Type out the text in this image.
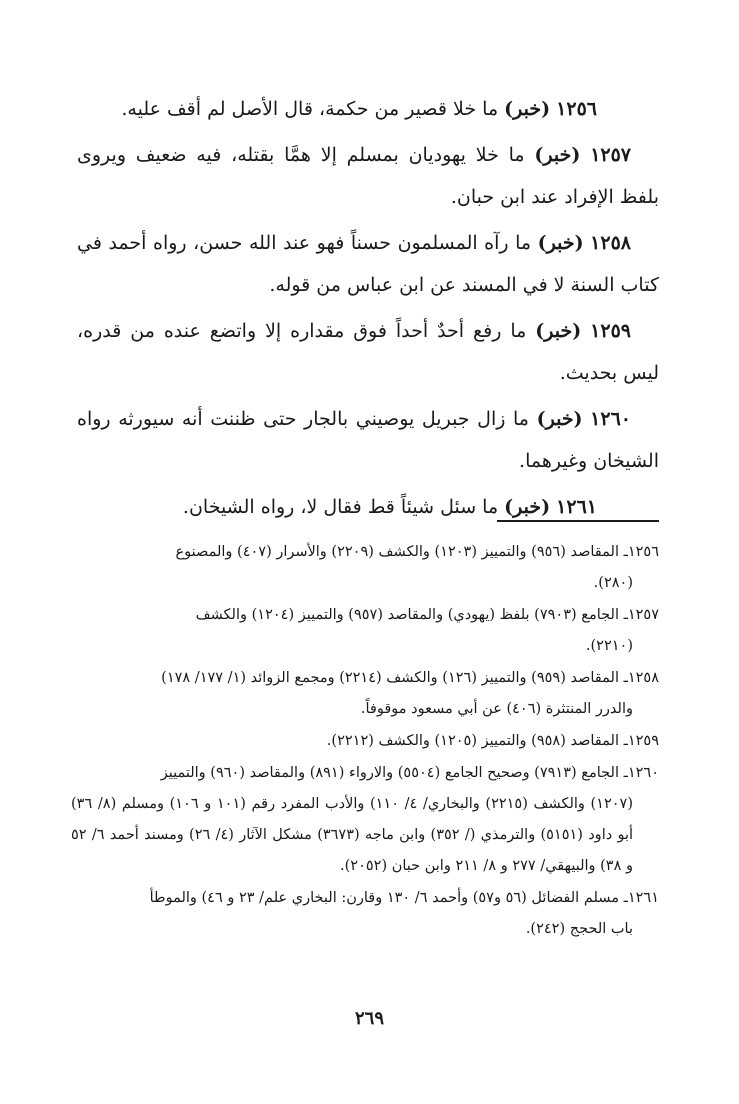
١٢٥٦ (خبر) ما خلا قصير من حكمة، قال الأصل لم أقف عليه.

١٢٥٧ (خبر) ما خلا يهوديان بمسلم إلا همَّا بقتله، فيه ضعيف ويروى بلفظ الإفراد عند ابن حبان.

١٢٥٨ (خبر) ما رآه المسلمون حسناً فهو عند الله حسن، رواه أحمد في كتاب السنة لا في المسند عن ابن عباس من قوله.

١٢٥٩ (خبر) ما رفع أحدٌ أحداً فوق مقداره إلا واتضع عنده من قدره، ليس بحديث.

١٢٦٠ (خبر) ما زال جبريل يوصيني بالجار حتى ظننت أنه سيورثه رواه الشيخان وغيرهما.

١٢٦١ (خبر) ما سئل شيئاً قط فقال لا، رواه الشيخان.

١٢٥٦ـ المقاصد (٩٥٦) والتمييز (١٢٠٣) والكشف (٢٢٠٩) والأسرار (٤٠٧) والمصنوع
(٢٨٠).

١٢٥٧ـ الجامع (٧٩٠٣) بلفظ (يهودي) والمقاصد (٩٥٧) والتمييز (١٢٠٤) والكشف
(٢٢١٠).

١٢٥٨ـ المقاصد (٩٥٩) والتمييز (١٢٦) والكشف (٢٢١٤) ومجمع الزوائد (١/ ١٧٧/ ١٧٨)
والدرر المنتثرة (٤٠٦) عن أبي مسعود موقوفاً.

١٢٥٩ـ المقاصد (٩٥٨) والتمييز (١٢٠٥) والكشف (٢٢١٢).

١٢٦٠ـ الجامع (٧٩١٣) وصحيح الجامع (٥٥٠٤) والارواء (٨٩١) والمقاصد (٩٦٠) والتمييز
(١٢٠٧) والكشف (٢٢١٥) والبخاري/ ٤/ ١١٠) والأدب المفرد رقم (١٠١ و ١٠٦) ومسلم (٨/ ٣٦) أبو داود (٥١٥١) والترمذي (/ ٣٥٢) وابن ماجه (٣٦٧٣) مشكل الآثار (٤/ ٢٦) ومسند أحمد ٦/ ٥٢ و ٣٨) والبيهقي/ ٢٧٧ و ٨/ ٢١١ وابن حبان (٢٠٥٢).

١٢٦١ـ مسلم الفضائل (٥٦ و٥٧) وأحمد ٦/ ١٣٠ وقارن: البخاري علم/ ٢٣ و ٤٦) والموطأ
باب الحجج (٢٤٢).

٢٦٩
